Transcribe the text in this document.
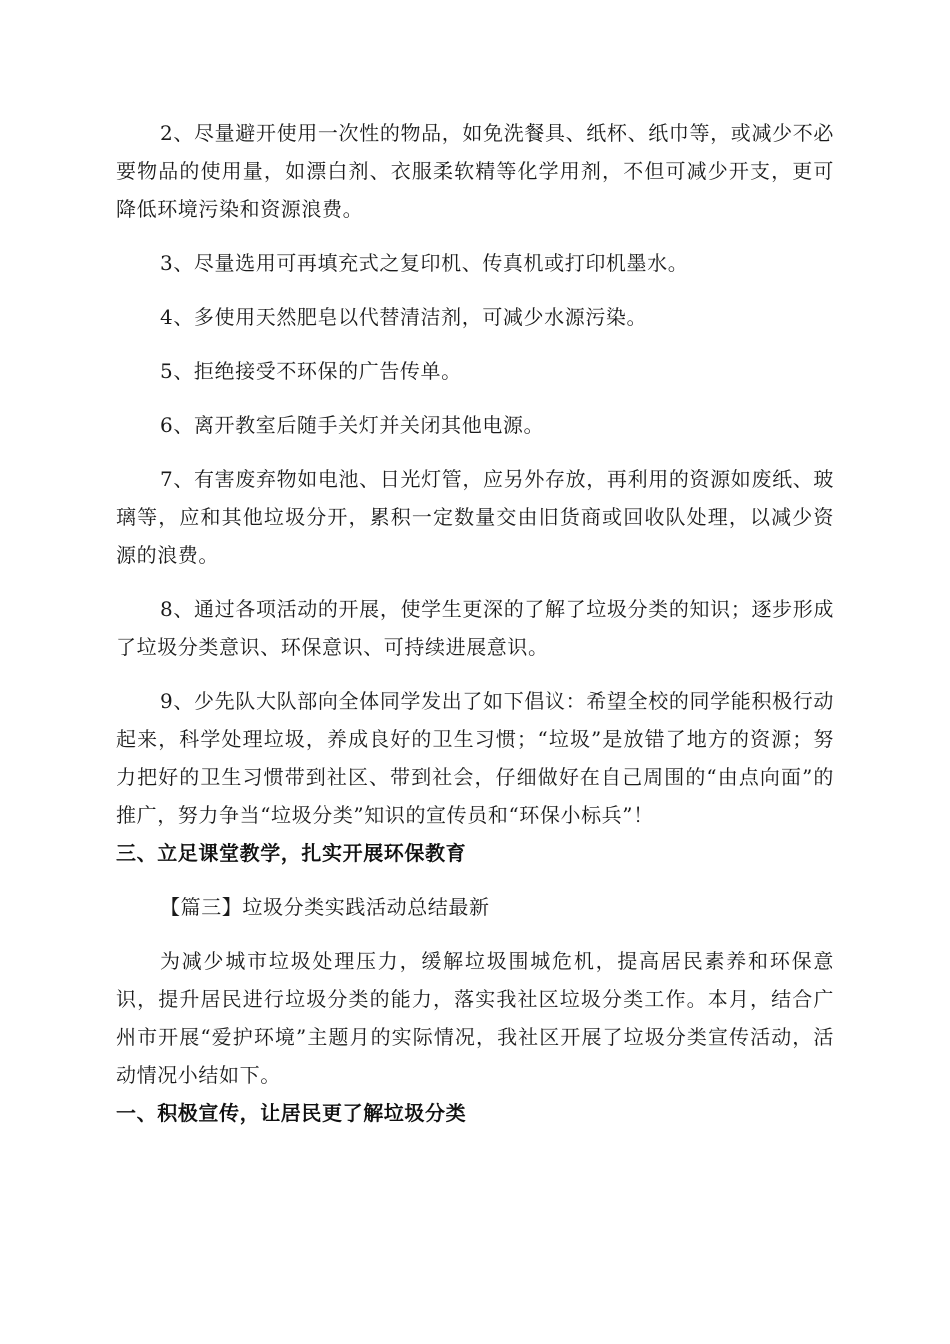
2、尽量避开使用一次性的物品，如免洗餐具、纸杯、纸巾等，或减少不必要物品的使用量，如漂白剂、衣服柔软精等化学用剂，不但可减少开支，更可降低环境污染和资源浪费。

3、尽量选用可再填充式之复印机、传真机或打印机墨水。

4、多使用天然肥皂以代替清洁剂，可减少水源污染。

5、拒绝接受不环保的广告传单。

6、离开教室后随手关灯并关闭其他电源。

7、有害废弃物如电池、日光灯管，应另外存放，再利用的资源如废纸、玻璃等，应和其他垃圾分开，累积一定数量交由旧货商或回收队处理，以减少资源的浪费。

8、通过各项活动的开展，使学生更深的了解了垃圾分类的知识；逐步形成了垃圾分类意识、环保意识、可持续进展意识。

9、少先队大队部向全体同学发出了如下倡议：希望全校的同学能积极行动起来，科学处理垃圾，养成良好的卫生习惯；“垃圾”是放错了地方的资源；努力把好的卫生习惯带到社区、带到社会，仔细做好在自己周围的“由点向面”的推广，努力争当“垃圾分类”知识的宣传员和“环保小标兵”！

三、立足课堂教学，扎实开展环保教育

【篇三】垃圾分类实践活动总结最新

为减少城市垃圾处理压力，缓解垃圾围城危机，提高居民素养和环保意识，提升居民进行垃圾分类的能力，落实我社区垃圾分类工作。本月，结合广州市开展“爱护环境”主题月的实际情况，我社区开展了垃圾分类宣传活动，活动情况小结如下。

一、积极宣传，让居民更了解垃圾分类
